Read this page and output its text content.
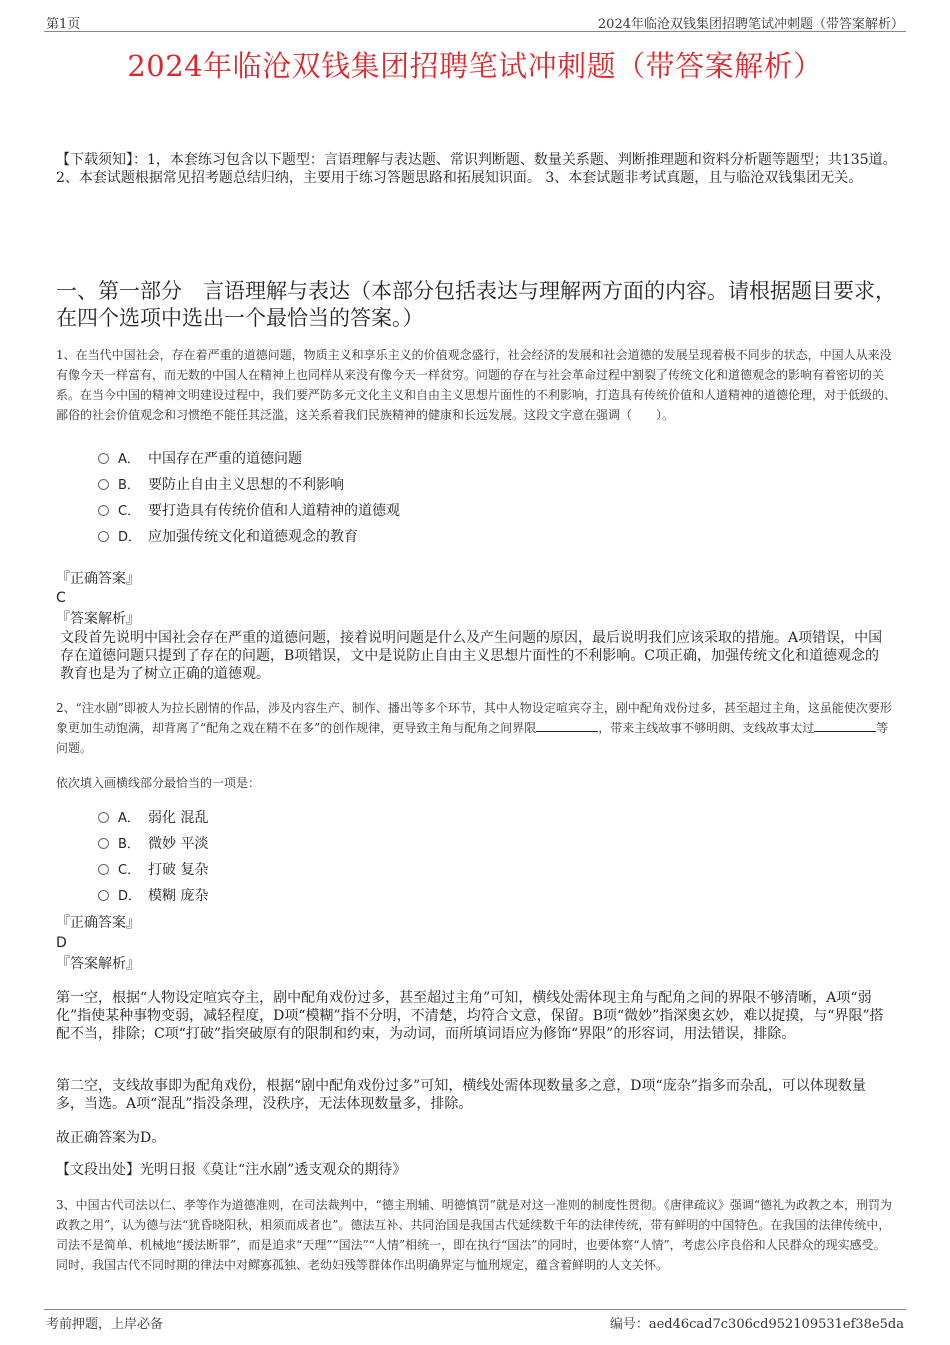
第1页	2024年临沧双钱集团招聘笔试冲刺题（带答案解析）
2024年临沧双钱集团招聘笔试冲刺题（带答案解析）
【下载须知】：1，本套练习包含以下题型：言语理解与表达题、常识判断题、数量关系题、判断推理题和资料分析题等题型；共135道。 2、本套试题根据常见招考题总结归纳，主要用于练习答题思路和拓展知识面。 3、本套试题非考试真题，且与临沧双钱集团无关。
一、第一部分　言语理解与表达（本部分包括表达与理解两方面的内容。请根据题目要求，在四个选项中选出一个最恰当的答案。）
1、在当代中国社会，存在着严重的道德问题，物质主义和享乐主义的价值观念盛行，社会经济的发展和社会道德的发展呈现着极不同步的状态，中国人从来没有像今天一样富有，而无数的中国人在精神上也同样从来没有像今天一样贫穷。问题的存在与社会革命过程中割裂了传统文化和道德观念的影响有着密切的关系。在当今中国的精神文明建设过程中，我们要严防多元文化主义和自由主义思想片面性的不利影响，打造具有传统价值和人道精神的道德伦理，对于低级的、鄙俗的社会价值观念和习惯绝不能任其泛滥，这关系着我们民族精神的健康和长远发展。这段文字意在强调（　　）。
A． 中国存在严重的道德问题
B． 要防止自由主义思想的不利影响
C． 要打造具有传统价值和人道精神的道德观
D． 应加强传统文化和道德观念的教育
『正确答案』
C
『答案解析』
文段首先说明中国社会存在严重的道德问题，接着说明问题是什么及产生问题的原因，最后说明我们应该采取的措施。A项错误，中国存在道德问题只提到了存在的问题，B项错误，文中是说防止自由主义思想片面性的不利影响。C项正确，加强传统文化和道德观念的教育也是为了树立正确的道德观。
2、“注水剧”即被人为拉长剧情的作品，涉及内容生产、制作、播出等多个环节，其中人物设定喧宾夺主，剧中配角戏份过多，甚至超过主角，这虽能使次要形象更加生动饱满，却背离了“配角之戏在精不在多”的创作规律，更导致主角与配角之间界限	，带来主线故事不够明朗、支线故事太过	等问题。
依次填入画横线部分最恰当的一项是：
A． 弱化 混乱
B． 微妙 平淡
C． 打破 复杂
D． 模糊 庞杂
『正确答案』
D
『答案解析』
第一空，根据“人物设定喧宾夺主，剧中配角戏份过多，甚至超过主角”可知，横线处需体现主角与配角之间的界限不够清晰，A项“弱化”指使某种事物变弱，减轻程度，D项“模糊”指不分明，不清楚，均符合文意，保留。B项“微妙”指深奥玄妙，难以捉摸，与“界限”搭配不当，排除；C项“打破”指突破原有的限制和约束，为动词，而所填词语应为修饰“界限”的形容词，用法错误，排除。
第二空，支线故事即为配角戏份，根据“剧中配角戏份过多”可知，横线处需体现数量多之意，D项“庞杂”指多而杂乱，可以体现数量多，当选。A项“混乱”指没条理，没秩序，无法体现数量多，排除。
故正确答案为D。
【文段出处】光明日报《莫让“注水剧”透支观众的期待》
3、中国古代司法以仁、孝等作为道德准则，在司法裁判中，“德主刑辅、明德慎罚”就是对这一准则的制度性贯彻。《唐律疏议》强调“德礼为政教之本，刑罚为政教之用”，认为德与法“犹昏晓阳秋，相须而成者也”。德法互补、共同治国是我国古代延续数千年的法律传统，带有鲜明的中国特色。在我国的法律传统中，司法不是简单、机械地“援法断罪”，而是追求“天理”“国法”“人情”相统一，即在执行“国法”的同时，也要体察“人情”，考虑公序良俗和人民群众的现实感受。同时，我国古代不同时期的律法中对鳏寡孤独、老幼妇残等群体作出明确界定与恤刑规定，蕴含着鲜明的人文关怀。
考前押题，上岸必备	编号：aed46cad7c306cd952109531ef38e5da
